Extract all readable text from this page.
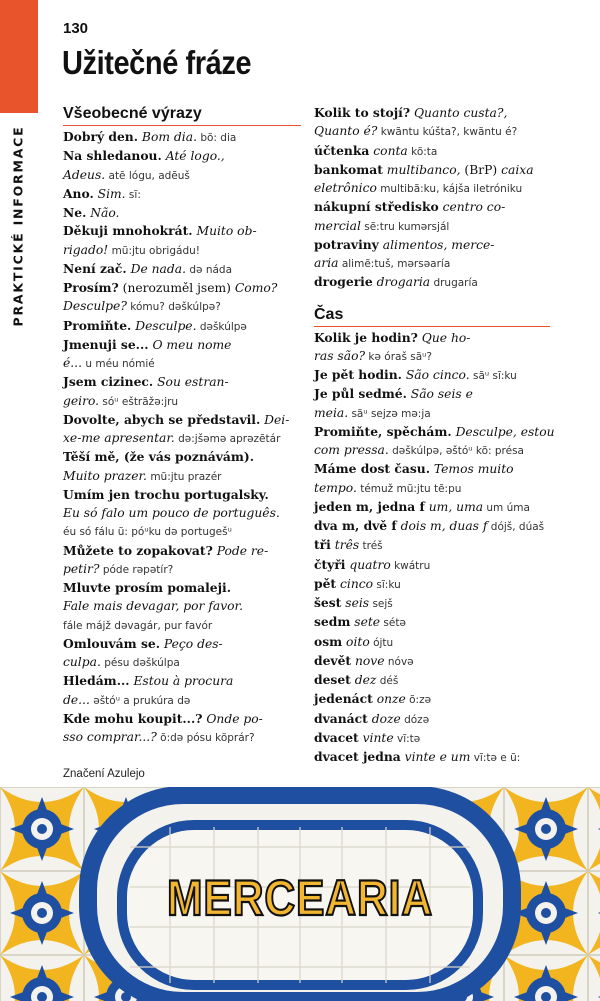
PRAKTICKÉ INFORMACE
130
Užitečné fráze
Všeobecné výrazy
Dobrý den. Bom dia. bõ: dia
Na shledanou. Até logo.,
Adeus. atē lógu, adēuš
Ano. Sim. sĩ:
Ne. Não.
Děkuji mnohokrát. Muito ob-
rigado! mũ:jtu obrigádu!
Není zač. De nada. də náda
Prosím? (nerozuměl jsem) Como?
Desculpe? kómu? dəškúlpə?
Promiňte. Desculpe. dəškúlpə
Jmenuji se... O meu nome
é... u méu nómié
Jsem cizinec. Sou estran-
geiro. sóᵘ eštrãžə:jru
Dovolte, abych se představil. Dei-
xe-me apresentar. də:jšəmə aprəzētár
Těší mě, (že vás poznávám).
Muito prazer. mũ:jtu prazér
Umím jen trochu portugalsky.
Eu só falo um pouco de português.
éu só fálu ũ: póᵘku də portugešᵘ
Můžete to zopakovat? Pode re-
petir? póde rəpətír?
Mluvte prosím pomaleji.
Fale mais devagar, por favor.
fále májž dəvagár, pur favór
Omlouvám se. Peço des-
culpa. pésu dəškúlpa
Hledám... Estou à procura
de... əštóᵘ a prukúra də
Kde mohu koupit...? Onde po-
sso comprar...? õ:də pósu kõprár?
Kolik to stojí? Quanto custa?,
Quanto é? kwãntu kúšta?, kwãntu é?
účtenka conta kõ:ta
bankomat multibanco, (BrP) caixa
eletrônico multibã:ku, kájša iletróniku
nákupní středisko centro co-
mercial sẽ:tru kumərsjál
potraviny alimentos, merce-
aria alimẽ:tuš, mərsəaría
drogerie drogaria drugaría
Čas
Kolik je hodin? Que ho-
ras são? kə óraš sãᵘ?
Je pět hodin. São cinco. sãᵘ sĩ:ku
Je půl sedmé. São seis e
meia. sãᵘ sejzə mə:ja
Promiňte, spěchám. Desculpe, estou
com pressa. dəškúlpə, əštóᵘ kõ: présa
Máme dost času. Temos muito
tempo. témuž mũ:jtu tẽ:pu
jeden m, jedna f um, uma um úma
dva m, dvě f dois m, duas f dójš, dúaš
tři três tréš
čtyři quatro kwátru
pět cinco sĩ:ku
šest seis sejš
sedm sete sétə
osm oito ójtu
devět nove nóvə
deset dez déš
jedenáct onze õ:zə
dvanáct doze dózə
dvacet vinte vĩ:tə
dvacet jedna vinte e um vĩ:tə e ũ:
Značení Azulejo
MERCEARIA
